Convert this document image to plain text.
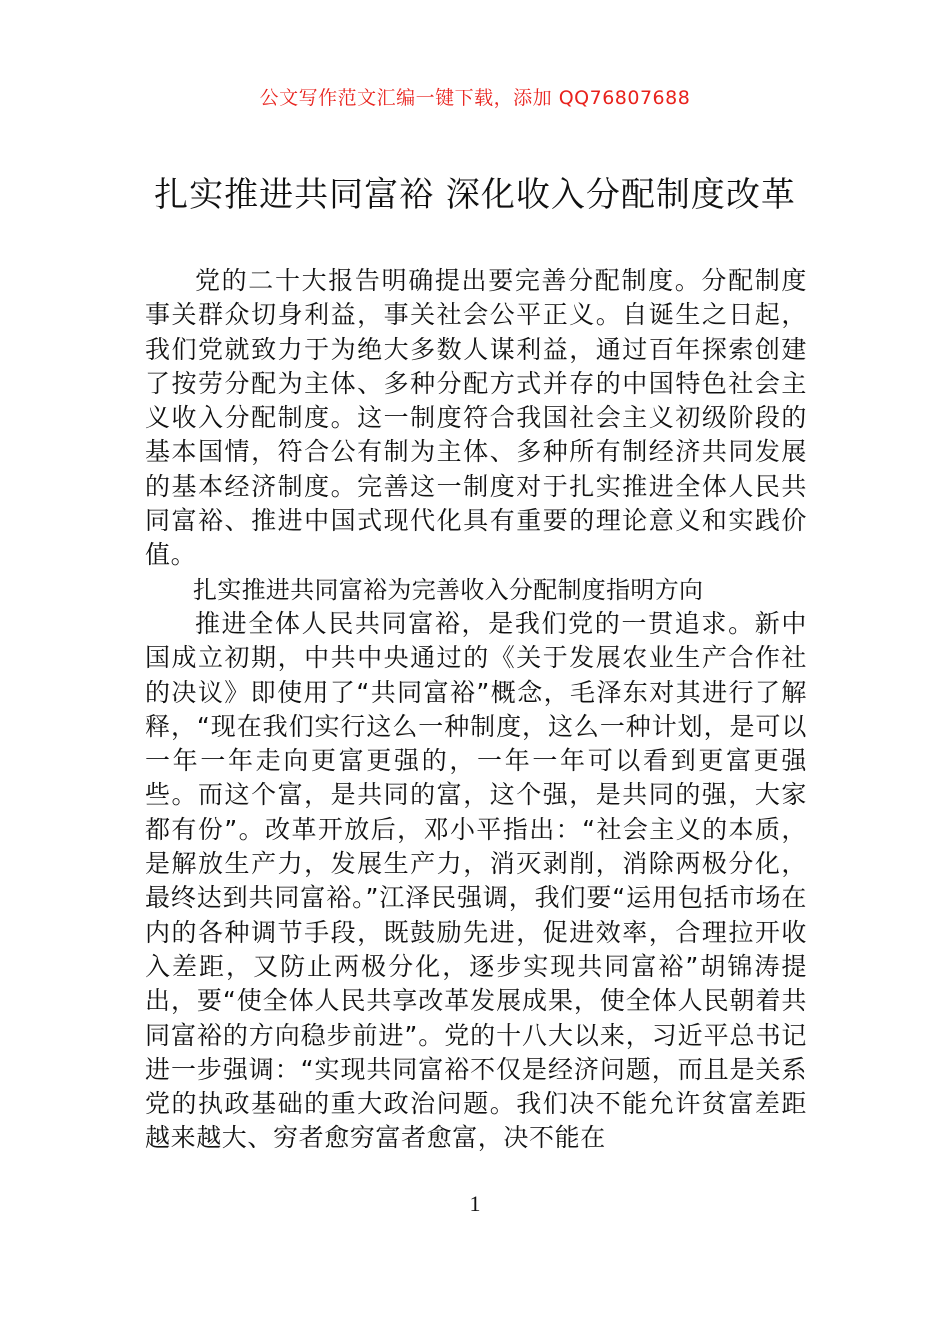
公文写作范文汇编一键下载，添加 QQ76807688
扎实推进共同富裕 深化收入分配制度改革

党的二十大报告明确提出要完善分配制度。分配制度事关群众切身利益，事关社会公平正义。自诞生之日起，我们党就致力于为绝大多数人谋利益，通过百年探索创建了按劳分配为主体、多种分配方式并存的中国特色社会主义收入分配制度。这一制度符合我国社会主义初级阶段的基本国情，符合公有制为主体、多种所有制经济共同发展的基本经济制度。完善这一制度对于扎实推进全体人民共同富裕、推进中国式现代化具有重要的理论意义和实践价值。

扎实推进共同富裕为完善收入分配制度指明方向

推进全体人民共同富裕，是我们党的一贯追求。新中国成立初期，中共中央通过的《关于发展农业生产合作社的决议》即使用了“共同富裕”概念，毛泽东对其进行了解释，“现在我们实行这么一种制度，这么一种计划，是可以一年一年走向更富更强的，一年一年可以看到更富更强些。而这个富，是共同的富，这个强，是共同的强，大家都有份”。改革开放后，邓小平指出：“社会主义的本质，是解放生产力，发展生产力，消灭剥削，消除两极分化，最终达到共同富裕。”江泽民强调，我们要“运用包括市场在内的各种调节手段，既鼓励先进，促进效率，合理拉开收入差距，又防止两极分化，逐步实现共同富裕”胡锦涛提出，要“使全体人民共享改革发展成果，使全体人民朝着共同富裕的方向稳步前进”。党的十八大以来，习近平总书记进一步强调：“实现共同富裕不仅是经济问题，而且是关系党的执政基础的重大政治问题。我们决不能允许贫富差距越来越大、穷者愈穷富者愈富，决不能在

1
